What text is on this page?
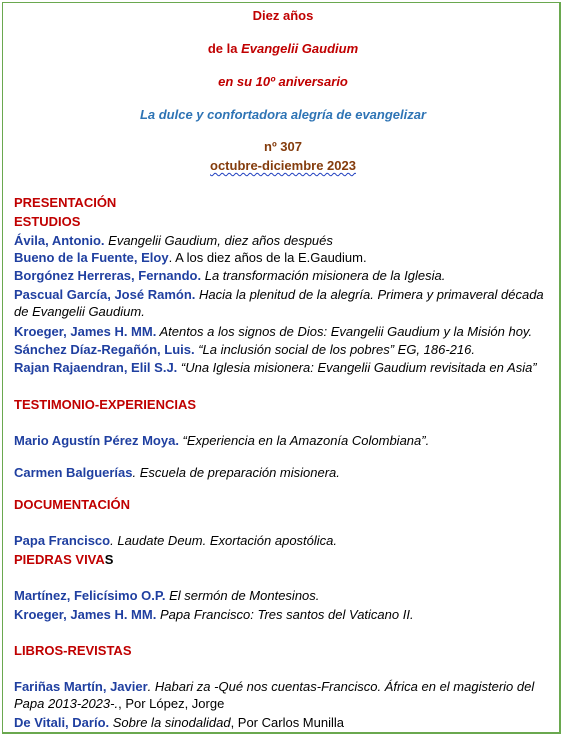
Diez años
de la Evangelii Gaudium
en su 10º aniversario
La dulce y confortadora alegría de evangelizar
nº 307
octubre-diciembre 2023
PRESENTACIÓN
ESTUDIOS
Ávila, Antonio. Evangelii Gaudium, diez años después
Bueno de la Fuente, Eloy. A los diez años de la E.Gaudium.
Borgónez Herreras, Fernando. La transformación misionera de la Iglesia.
Pascual García, José Ramón. Hacia la plenitud de la alegría. Primera y primaveral década de Evangelii Gaudium.
Kroeger, James H. MM. Atentos a los signos de Dios: Evangelii Gaudium y la Misión hoy.
Sánchez Díaz-Regañón, Luis. “La inclusión social de los pobres” EG, 186-216.
Rajan Rajaendran, Elil S.J. “Una Iglesia misionera: Evangelii Gaudium revisitada en Asia”
TESTIMONIO-EXPERIENCIAS
Mario Agustín Pérez Moya. “Experiencia en la Amazonía Colombiana”.
Carmen Balguerías. Escuela de preparación misionera.
DOCUMENTACIÓN
Papa Francisco. Laudate Deum. Exortación apostólica.
PIEDRAS VIVAS
Martínez, Felicísimo O.P. El sermón de Montesinos.
Kroeger, James H. MM. Papa Francisco: Tres santos del Vaticano II.
LIBROS-REVISTAS
Fariñas Martín, Javier. Habari za -Qué nos cuentas-Francisco. África en el magisterio del Papa 2013-2023-., Por López, Jorge
De Vitali, Darío. Sobre la sinodalidad, Por Carlos Munilla
